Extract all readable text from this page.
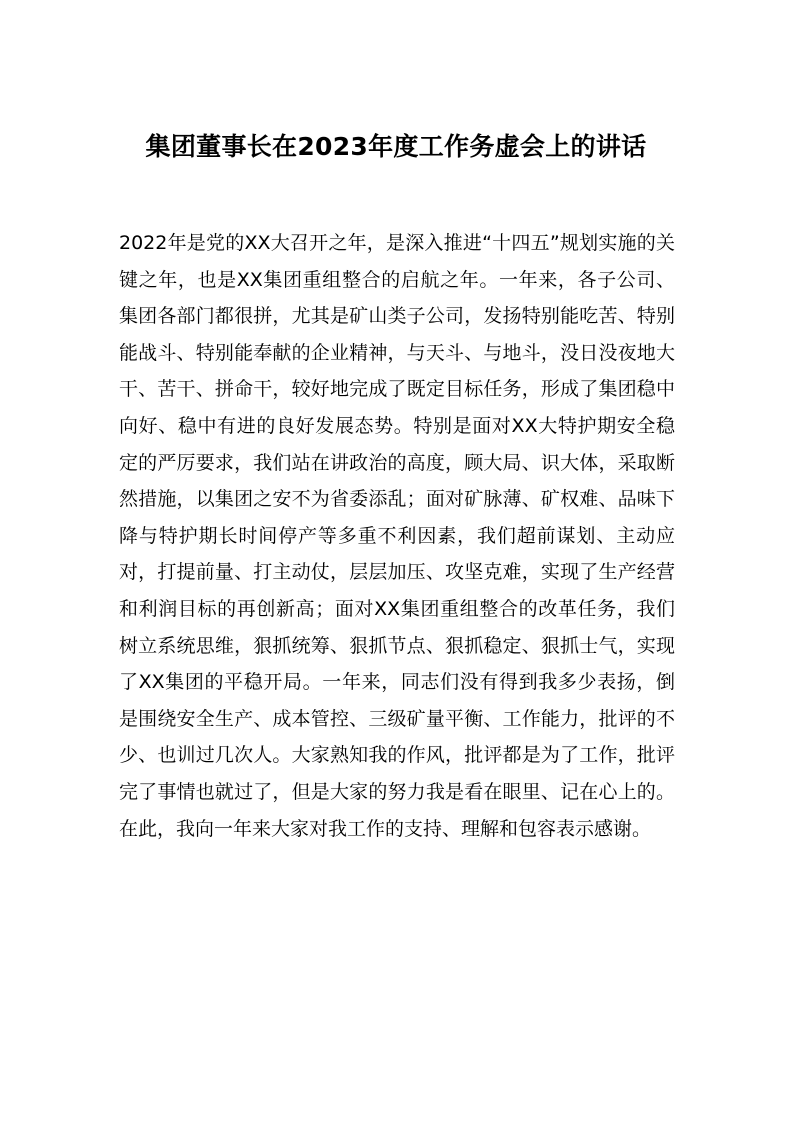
集团董事长在2023年度工作务虚会上的讲话

2022年是党的XX大召开之年，是深入推进“十四五”规划实施的关键之年，也是XX集团重组整合的启航之年。一年来，各子公司、集团各部门都很拼，尤其是矿山类子公司，发扬特别能吃苦、特别能战斗、特别能奉献的企业精神，与天斗、与地斗，没日没夜地大干、苦干、拼命干，较好地完成了既定目标任务，形成了集团稳中向好、稳中有进的良好发展态势。特别是面对XX大特护期安全稳定的严厉要求，我们站在讲政治的高度，顾大局、识大体，采取断然措施，以集团之安不为省委添乱；面对矿脉薄、矿权难、品味下降与特护期长时间停产等多重不利因素，我们超前谋划、主动应对，打提前量、打主动仗，层层加压、攻坚克难，实现了生产经营和利润目标的再创新高；面对XX集团重组整合的改革任务，我们树立系统思维，狠抓统筹、狠抓节点、狠抓稳定、狠抓士气，实现了XX集团的平稳开局。一年来，同志们没有得到我多少表扬，倒是围绕安全生产、成本管控、三级矿量平衡、工作能力，批评的不少、也训过几次人。大家熟知我的作风，批评都是为了工作，批评完了事情也就过了，但是大家的努力我是看在眼里、记在心上的。在此，我向一年来大家对我工作的支持、理解和包容表示感谢。
